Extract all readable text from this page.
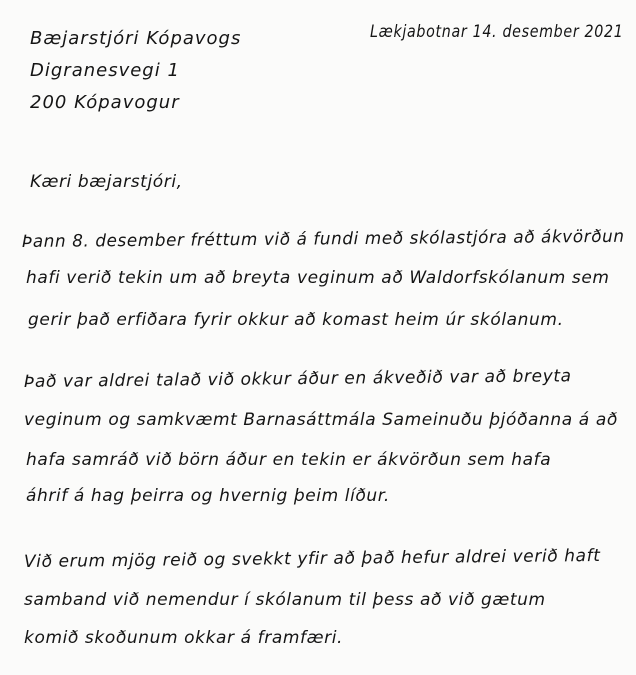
Bæjarstjóri Kópavogs
Digranesvegi 1
200 Kópavogur
Lækjabotnar 14. desember 2021
Kæri bæjarstjóri,
Þann 8. desember fréttum við á fundi með skólastjóra að ákvörðun
hafi verið tekin um að breyta veginum að Waldorfskólanum sem
gerir það erfiðara fyrir okkur að komast heim úr skólanum.
Það var aldrei talað við okkur áður en ákveðið var að breyta
veginum og samkvæmt Barnasáttmála Sameinuðu þjóðanna á að
hafa samráð við börn áður en tekin er ákvörðun sem hafa
áhrif á hag þeirra og hvernig þeim líður.
Við erum mjög reið og svekkt yfir að það hefur aldrei verið haft
samband við nemendur í skólanum til þess að við gætum
komið skoðunum okkar á framfæri.
